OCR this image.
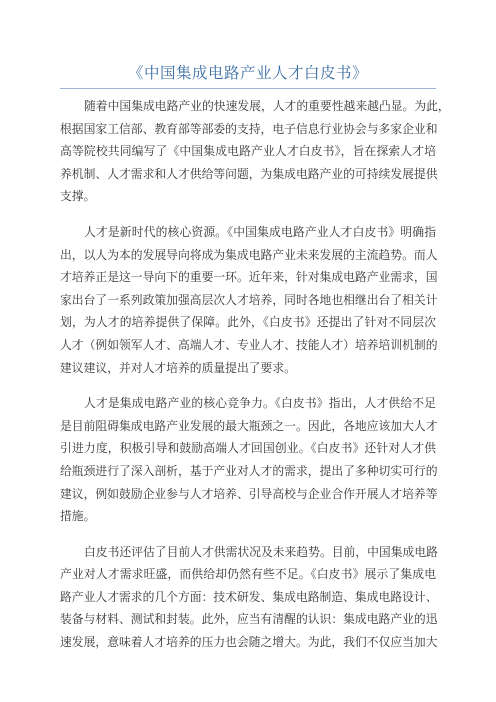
《中国集成电路产业人才白皮书》

随着中国集成电路产业的快速发展，人才的重要性越来越凸显。为此，
根据国家工信部、教育部等部委的支持，电子信息行业协会与多家企业和
高等院校共同编写了《中国集成电路产业人才白皮书》，旨在探索人才培
养机制、人才需求和人才供给等问题，为集成电路产业的可持续发展提供
支撑。

人才是新时代的核心资源。《中国集成电路产业人才白皮书》明确指
出，以人为本的发展导向将成为集成电路产业未来发展的主流趋势。而人
才培养正是这一导向下的重要一环。近年来，针对集成电路产业需求，国
家出台了一系列政策加强高层次人才培养，同时各地也相继出台了相关计
划，为人才的培养提供了保障。此外，《白皮书》还提出了针对不同层次
人才（例如领军人才、高端人才、专业人才、技能人才）培养培训机制的
建议建议，并对人才培养的质量提出了要求。

人才是集成电路产业的核心竞争力。《白皮书》指出，人才供给不足
是目前阻碍集成电路产业发展的最大瓶颈之一。因此，各地应该加大人才
引进力度，积极引导和鼓励高端人才回国创业。《白皮书》还针对人才供
给瓶颈进行了深入剖析，基于产业对人才的需求，提出了多种切实可行的
建议，例如鼓励企业参与人才培养、引导高校与企业合作开展人才培养等
措施。

白皮书还评估了目前人才供需状况及未来趋势。目前，中国集成电路
产业对人才需求旺盛，而供给却仍然有些不足。《白皮书》展示了集成电
路产业人才需求的几个方面：技术研发、集成电路制造、集成电路设计、
装备与材料、测试和封装。此外，应当有清醒的认识：集成电路产业的迅
速发展，意味着人才培养的压力也会随之增大。为此，我们不仅应当加大
